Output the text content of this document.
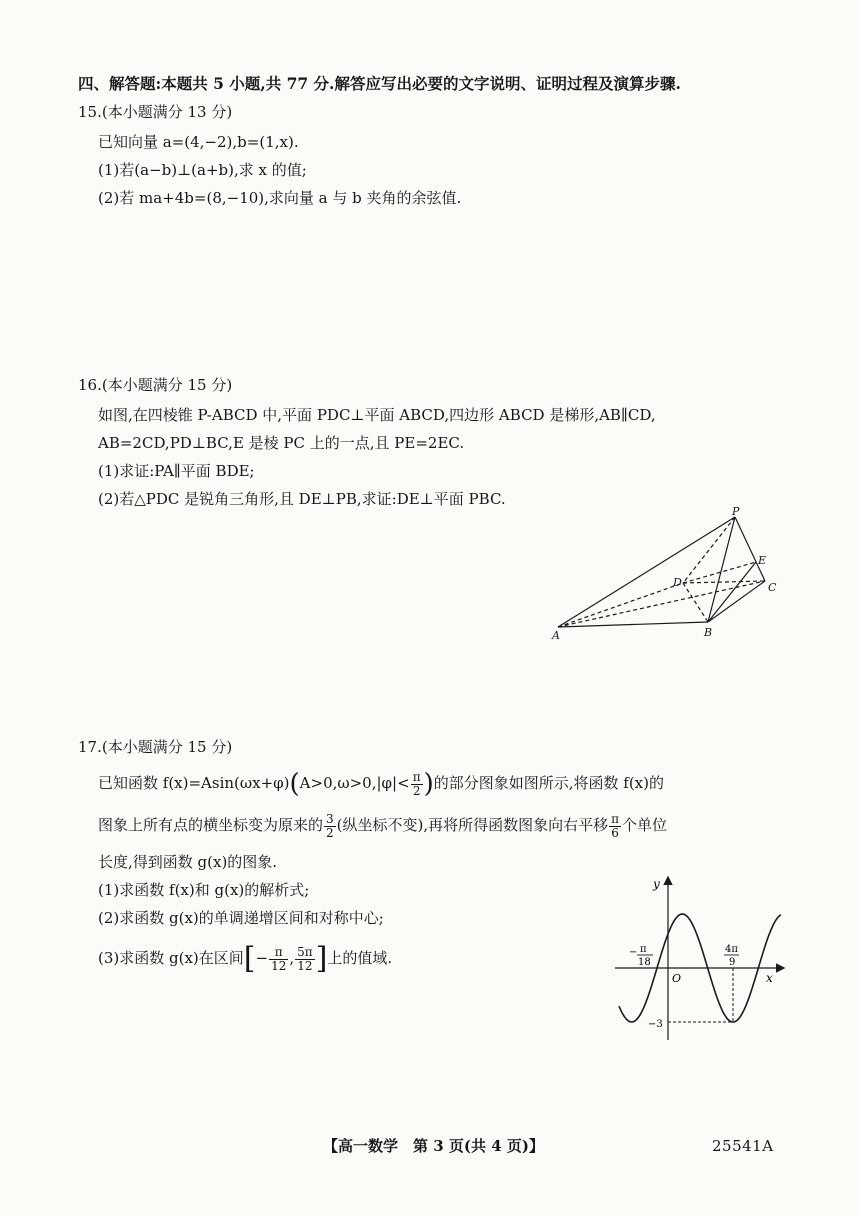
四、解答题:本题共 5 小题,共 77 分.解答应写出必要的文字说明、证明过程及演算步骤.
15.(本小题满分 13 分)
已知向量 a=(4,−2),b=(1,x).
(1)若(a−b)⊥(a+b),求 x 的值;
(2)若 ma+4b=(8,−10),求向量 a 与 b 夹角的余弦值.
16.(本小题满分 15 分)
如图,在四棱锥 P-ABCD 中,平面 PDC⊥平面 ABCD,四边形 ABCD 是梯形,AB∥CD,
AB=2CD,PD⊥BC,E 是棱 PC 上的一点,且 PE=2EC.
(1)求证:PA∥平面 BDE;
(2)若△PDC 是锐角三角形,且 DE⊥PB,求证:DE⊥平面 PBC.
P
A	B
C
D
E
17.(本小题满分 15 分)
已知函数 $f(x)=Asin(\omega x+\varphi)(A>0,\omega>0,|\varphi|< \frac{\pi}{2}$ )的部分图象如图所示,将函数 f(x)的
图象上所有点的横坐标变为原来的 $\frac{3}{2}$ (纵坐标不变),再将所得函数图象向右平移 $\frac{\pi}{6}$ 个单位
长度,得到函数 g(x)的图象.
(1)求函数 f(x)和 g(x)的解析式;
(2)求函数 g(x)的单调递增区间和对称中心;
(3)求函数 g(x)在区间[− $\frac{\pi}{12}$ , $\frac{5\pi}{12}$ ]上的值域.
y
x
O
− π
18
4π
9
−3
【高一数学　第 3 页(共 4 页)】	25541A
